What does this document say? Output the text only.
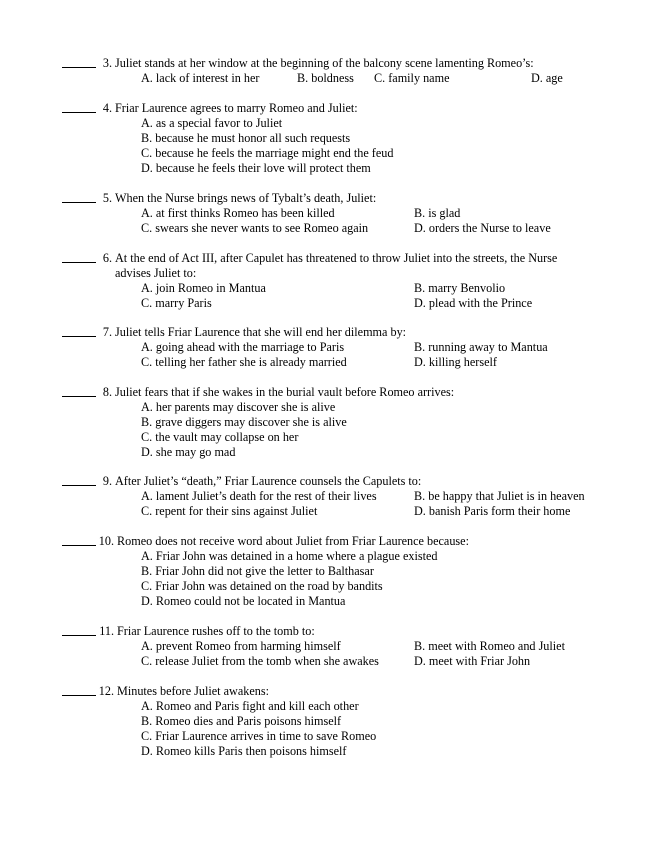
3. Juliet stands at her window at the beginning of the balcony scene lamenting Romeo’s:
A. lack of interest in her	B. boldness C. family name	D. age
4. Friar Laurence agrees to marry Romeo and Juliet:
A. as a special favor to Juliet
B. because he must honor all such requests
C. because he feels the marriage might end the feud
D. because he feels their love will protect them
5. When the Nurse brings news of Tybalt’s death, Juliet:
A. at first thinks Romeo has been killed	B. is glad
C. swears she never wants to see Romeo again	D. orders the Nurse to leave
6. At the end of Act III, after Capulet has threatened to throw Juliet into the streets, the Nurse
advises Juliet to:
A. join Romeo in Mantua	B. marry Benvolio
C. marry Paris	D. plead with the Prince
7. Juliet tells Friar Laurence that she will end her dilemma by:
A. going ahead with the marriage to Paris	B. running away to Mantua
C. telling her father she is already married	D. killing herself
8. Juliet fears that if she wakes in the burial vault before Romeo arrives:
A. her parents may discover she is alive
B. grave diggers may discover she is alive
C. the vault may collapse on her
D. she may go mad
9. After Juliet’s “death,” Friar Laurence counsels the Capulets to:
A. lament Juliet’s death for the rest of their lives	B. be happy that Juliet is in heaven
C. repent for their sins against Juliet	D. banish Paris form their home
10. Romeo does not receive word about Juliet from Friar Laurence because:
A. Friar John was detained in a home where a plague existed
B. Friar John did not give the letter to Balthasar
C. Friar John was detained on the road by bandits
D. Romeo could not be located in Mantua
11. Friar Laurence rushes off to the tomb to:
A. prevent Romeo from harming himself	B. meet with Romeo and Juliet
C. release Juliet from the tomb when she awakes	D. meet with Friar John
12. Minutes before Juliet awakens:
A. Romeo and Paris fight and kill each other
B. Romeo dies and Paris poisons himself
C. Friar Laurence arrives in time to save Romeo
D. Romeo kills Paris then poisons himself
